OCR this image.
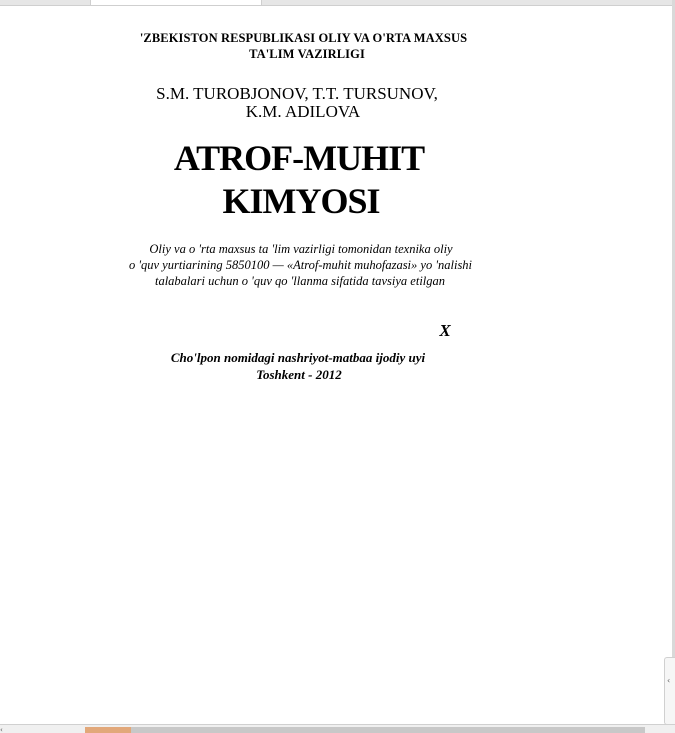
'ZBEKISTON RESPUBLIKASI OLIY VA O'RTA MAXSUS
TA'LIM VAZIRLIGI
S.M. TUROBJONOV, T.T. TURSUNOV,
K.M. ADILOVA
ATROF-MUHIT
KIMYOSI
Oliy va o 'rta maxsus ta 'lim vazirligi tomonidan texnika oliy
o 'quv yurtiarining 5850100 — «Atrof-muhit muhofazasi» yo 'nalishi
talabalari uchun o 'quv qo 'llanma sifatida tavsiya etilgan
X
Cho'lpon nomidagi nashriyot-matbaa ijodiy uyi
Toshkent - 2012
‹
‹
